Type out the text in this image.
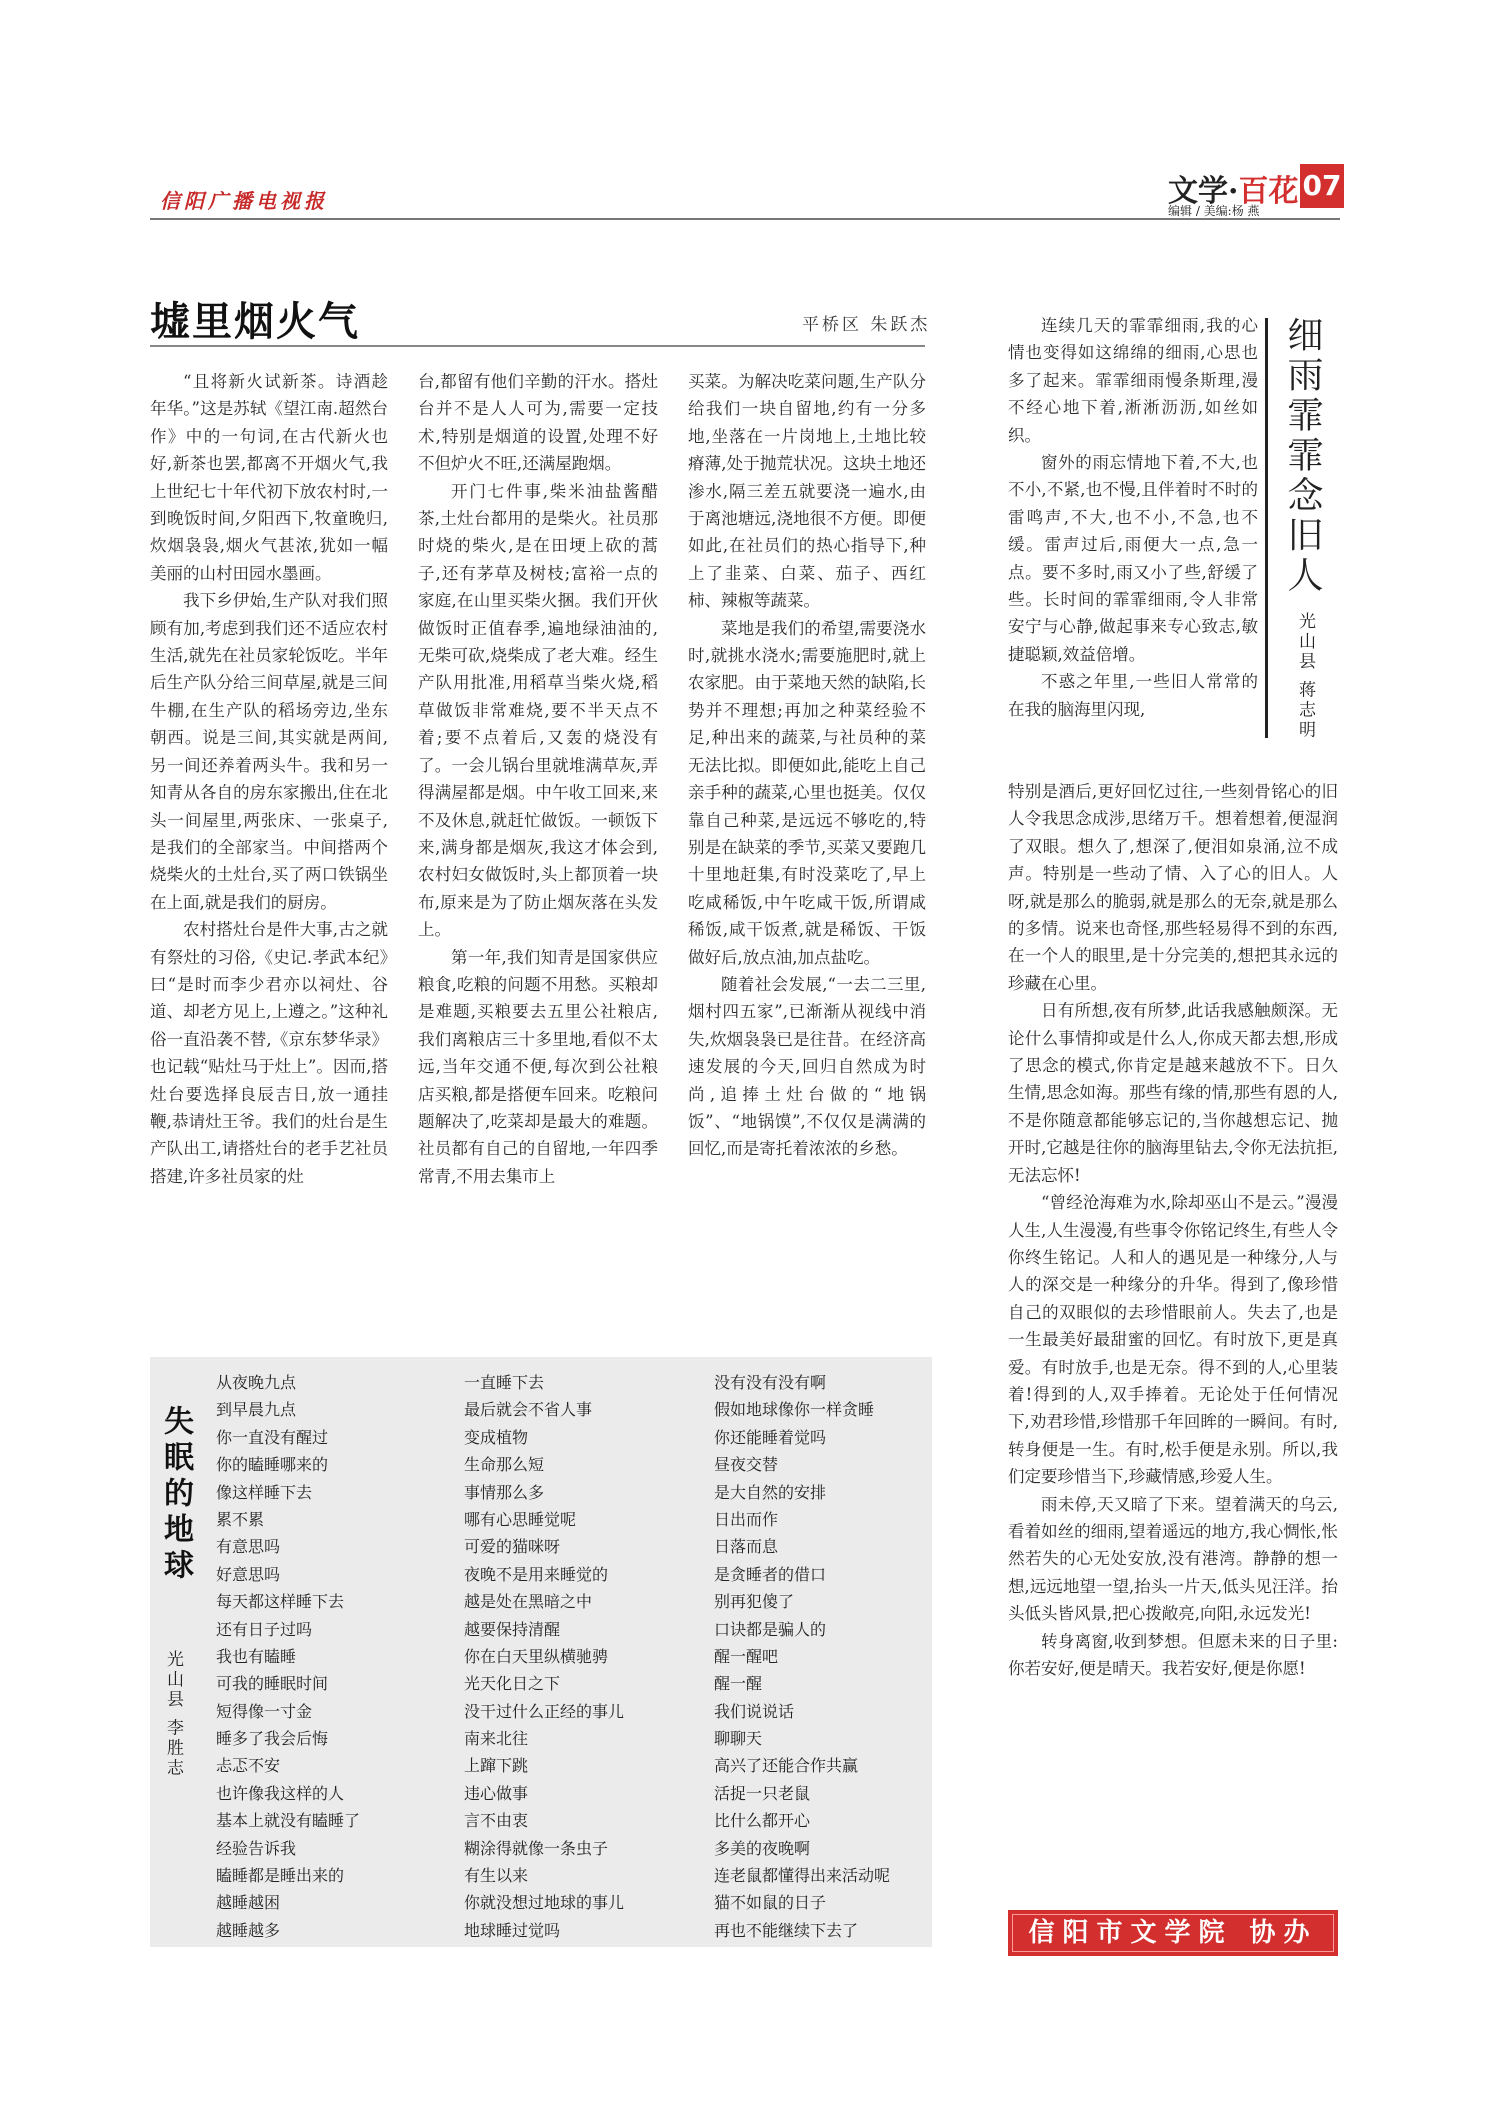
信阳广播电视报	文学·百花
编辑 / 美编:杨 燕
07
墟里烟火气	平桥区 朱跃杰

“且将新火试新茶。诗酒趁年华。”这是苏轼《望江南.超然台作》中的一句词,在古代新火也好,新茶也罢,都离不开烟火气,我上世纪七十年代初下放农村时,一到晚饭时间,夕阳西下,牧童晚归,炊烟袅袅,烟火气甚浓,犹如一幅美丽的山村田园水墨画。

我下乡伊始,生产队对我们照顾有加,考虑到我们还不适应农村生活,就先在社员家轮饭吃。半年后生产队分给三间草屋,就是三间牛棚,在生产队的稻场旁边,坐东朝西。说是三间,其实就是两间,另一间还养着两头牛。我和另一知青从各自的房东家搬出,住在北头一间屋里,两张床、一张桌子,是我们的全部家当。中间搭两个烧柴火的土灶台,买了两口铁锅坐在上面,就是我们的厨房。

农村搭灶台是件大事,古之就有祭灶的习俗,《史记.孝武本纪》曰“是时而李少君亦以祠灶、谷道、却老方见上,上遵之。”这种礼俗一直沿袭不替,《京东梦华录》也记载“贴灶马于灶上”。因而,搭灶台要选择良辰吉日,放一通挂鞭,恭请灶王爷。我们的灶台是生产队出工,请搭灶台的老手艺社员搭建,许多社员家的灶

台,都留有他们辛勤的汗水。搭灶台并不是人人可为,需要一定技术,特别是烟道的设置,处理不好不但炉火不旺,还满屋跑烟。

开门七件事,柴米油盐酱醋茶,土灶台都用的是柴火。社员那时烧的柴火,是在田埂上砍的蒿子,还有茅草及树枝;富裕一点的家庭,在山里买柴火捆。我们开伙做饭时正值春季,遍地绿油油的,无柴可砍,烧柴成了老大难。经生产队用批准,用稻草当柴火烧,稻草做饭非常难烧,要不半天点不着;要不点着后,又轰的烧没有了。一会儿锅台里就堆满草灰,弄得满屋都是烟。中午收工回来,来不及休息,就赶忙做饭。一顿饭下来,满身都是烟灰,我这才体会到,农村妇女做饭时,头上都顶着一块布,原来是为了防止烟灰落在头发上。

第一年,我们知青是国家供应粮食,吃粮的问题不用愁。买粮却是难题,买粮要去五里公社粮店,我们离粮店三十多里地,看似不太远,当年交通不便,每次到公社粮店买粮,都是搭便车回来。吃粮问题解决了,吃菜却是最大的难题。社员都有自己的自留地,一年四季常青,不用去集市上

买菜。为解决吃菜问题,生产队分给我们一块自留地,约有一分多地,坐落在一片岗地上,土地比较瘠薄,处于抛荒状况。这块土地还渗水,隔三差五就要浇一遍水,由于离池塘远,浇地很不方便。即便如此,在社员们的热心指导下,种上了韭菜、白菜、茄子、西红柿、辣椒等蔬菜。

菜地是我们的希望,需要浇水时,就挑水浇水;需要施肥时,就上农家肥。由于菜地天然的缺陷,长势并不理想;再加之种菜经验不足,种出来的蔬菜,与社员种的菜无法比拟。即便如此,能吃上自己亲手种的蔬菜,心里也挺美。仅仅靠自己种菜,是远远不够吃的,特别是在缺菜的季节,买菜又要跑几十里地赶集,有时没菜吃了,早上吃咸稀饭,中午吃咸干饭,所谓咸稀饭,咸干饭煮,就是稀饭、干饭做好后,放点油,加点盐吃。

随着社会发展,“一去二三里,烟村四五家”,已渐渐从视线中消失,炊烟袅袅已是往昔。在经济高速发展的今天,回归自然成为时尚,追捧土灶台做的“地锅饭”、“地锅馍”,不仅仅是满满的回忆,而是寄托着浓浓的乡愁。

失眠的地球
光山县 李胜志
从夜晚九点
到早晨九点
你一直没有醒过
你的瞌睡哪来的
像这样睡下去
累不累
有意思吗
好意思吗
每天都这样睡下去
还有日子过吗
我也有瞌睡
可我的睡眠时间
短得像一寸金
睡多了我会后悔
忐忑不安
也许像我这样的人
基本上就没有瞌睡了
经验告诉我
瞌睡都是睡出来的
越睡越困
越睡越多
一直睡下去
最后就会不省人事
变成植物
生命那么短
事情那么多
哪有心思睡觉呢
可爱的猫咪呀
夜晚不是用来睡觉的
越是处在黑暗之中
越要保持清醒
你在白天里纵横驰骋
光天化日之下
没干过什么正经的事儿
南来北往
上蹿下跳
违心做事
言不由衷
糊涂得就像一条虫子
有生以来
你就没想过地球的事儿
地球睡过觉吗
没有没有没有啊
假如地球像你一样贪睡
你还能睡着觉吗
昼夜交替
是大自然的安排
日出而作
日落而息
是贪睡者的借口
别再犯傻了
口诀都是骗人的
醒一醒吧
醒一醒
我们说说话
聊聊天
高兴了还能合作共赢
活捉一只老鼠
比什么都开心
多美的夜晚啊
连老鼠都懂得出来活动呢
猫不如鼠的日子
再也不能继续下去了
细雨霏霏念旧人
光山县 蒋志明

连续几天的霏霏细雨,我的心情也变得如这绵绵的细雨,心思也多了起来。霏霏细雨慢条斯理,漫不经心地下着,淅淅沥沥,如丝如织。

窗外的雨忘情地下着,不大,也不小,不紧,也不慢,且伴着时不时的雷鸣声,不大,也不小,不急,也不缓。雷声过后,雨便大一点,急一点。要不多时,雨又小了些,舒缓了些。长时间的霏霏细雨,令人非常安宁与心静,做起事来专心致志,敏捷聪颖,效益倍增。

不惑之年里,一些旧人常常的在我的脑海里闪现,

特别是酒后,更好回忆过往,一些刻骨铭心的旧人令我思念成涉,思绪万千。想着想着,便湿润了双眼。想久了,想深了,便泪如泉涌,泣不成声。特别是一些动了情、入了心的旧人。人呀,就是那么的脆弱,就是那么的无奈,就是那么的多情。说来也奇怪,那些轻易得不到的东西,在一个人的眼里,是十分完美的,想把其永远的珍藏在心里。

日有所想,夜有所梦,此话我感触颇深。无论什么事情抑或是什么人,你成天都去想,形成了思念的模式,你肯定是越来越放不下。日久生情,思念如海。那些有缘的情,那些有恩的人,不是你随意都能够忘记的,当你越想忘记、抛开时,它越是往你的脑海里钻去,令你无法抗拒,无法忘怀!

“曾经沧海难为水,除却巫山不是云。”漫漫人生,人生漫漫,有些事令你铭记终生,有些人令你终生铭记。人和人的遇见是一种缘分,人与人的深交是一种缘分的升华。得到了,像珍惜自己的双眼似的去珍惜眼前人。失去了,也是一生最美好最甜蜜的回忆。有时放下,更是真爱。有时放手,也是无奈。得不到的人,心里装着!得到的人,双手捧着。无论处于任何情况下,劝君珍惜,珍惜那千年回眸的一瞬间。有时,转身便是一生。有时,松手便是永别。所以,我们定要珍惜当下,珍藏情感,珍爱人生。

雨未停,天又暗了下来。望着满天的乌云,看着如丝的细雨,望着遥远的地方,我心惆怅,怅然若失的心无处安放,没有港湾。静静的想一想,远远地望一望,抬头一片天,低头见汪洋。抬头低头皆风景,把心拨敞亮,向阳,永远发光!

转身离窗,收到梦想。但愿未来的日子里:你若安好,便是晴天。我若安好,便是你愿!

信阳市文学院 协办
